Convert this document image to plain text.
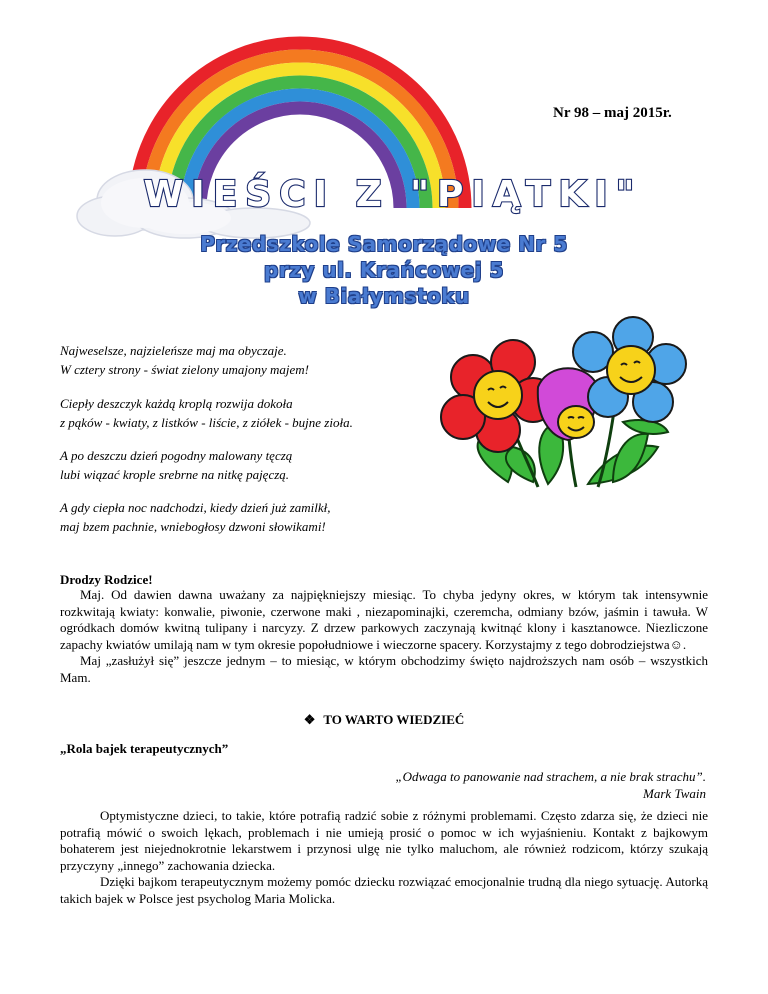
Nr 98 – maj 2015r.
WIEŚCI Z "PIĄTKI"
Przedszkole Samorządowe Nr 5
przy ul. Krańcowej 5
w Białymstoku
Najweselsze, najzieleńsze maj ma obyczaje.
W cztery strony - świat zielony umajony majem!
Ciepły deszczyk każdą kroplą rozwija dokoła
z pąków - kwiaty, z listków - liście, z ziółek - bujne zioła.
A po deszczu dzień pogodny malowany tęczą
lubi wiązać krople srebrne na nitkę pajęczą.
A gdy ciepła noc nadchodzi, kiedy dzień już zamilkł,
maj bzem pachnie, wniebogłosy dzwoni słowikami!
Drodzy Rodzice!

Maj. Od dawien dawna uważany za najpiękniejszy miesiąc. To chyba jedyny okres, w którym tak intensywnie rozkwitają kwiaty: konwalie, piwonie, czerwone maki , niezapominajki, czeremcha, odmiany bzów, jaśmin i tawuła. W ogródkach domów kwitną tulipany i narcyzy. Z drzew parkowych zaczynają kwitnąć klony i kasztanowce. Niezliczone zapachy kwiatów umilają nam w tym okresie popołudniowe i wieczorne spacery. Korzystajmy z tego dobrodziejstwa☺.

Maj „zasłużył się” jeszcze jednym – to miesiąc, w którym obchodzimy święto najdroższych nam osób – wszystkich Mam.

❖ TO WARTO WIEDZIEĆ
„Rola bajek terapeutycznych”
„Odwaga to panowanie nad strachem, a nie brak strachu”.
Mark Twain

Optymistyczne dzieci, to takie, które potrafią radzić sobie z różnymi problemami. Często zdarza się, że dzieci nie potrafią mówić o swoich lękach, problemach i nie umieją prosić o pomoc w ich wyjaśnieniu. Kontakt z bajkowym bohaterem jest niejednokrotnie lekarstwem i przynosi ulgę nie tylko maluchom, ale również rodzicom, którzy szukają przyczyny „innego” zachowania dziecka.

Dzięki bajkom terapeutycznym możemy pomóc dziecku rozwiązać emocjonalnie trudną dla niego sytuację. Autorką takich bajek w Polsce jest psycholog Maria Molicka.
